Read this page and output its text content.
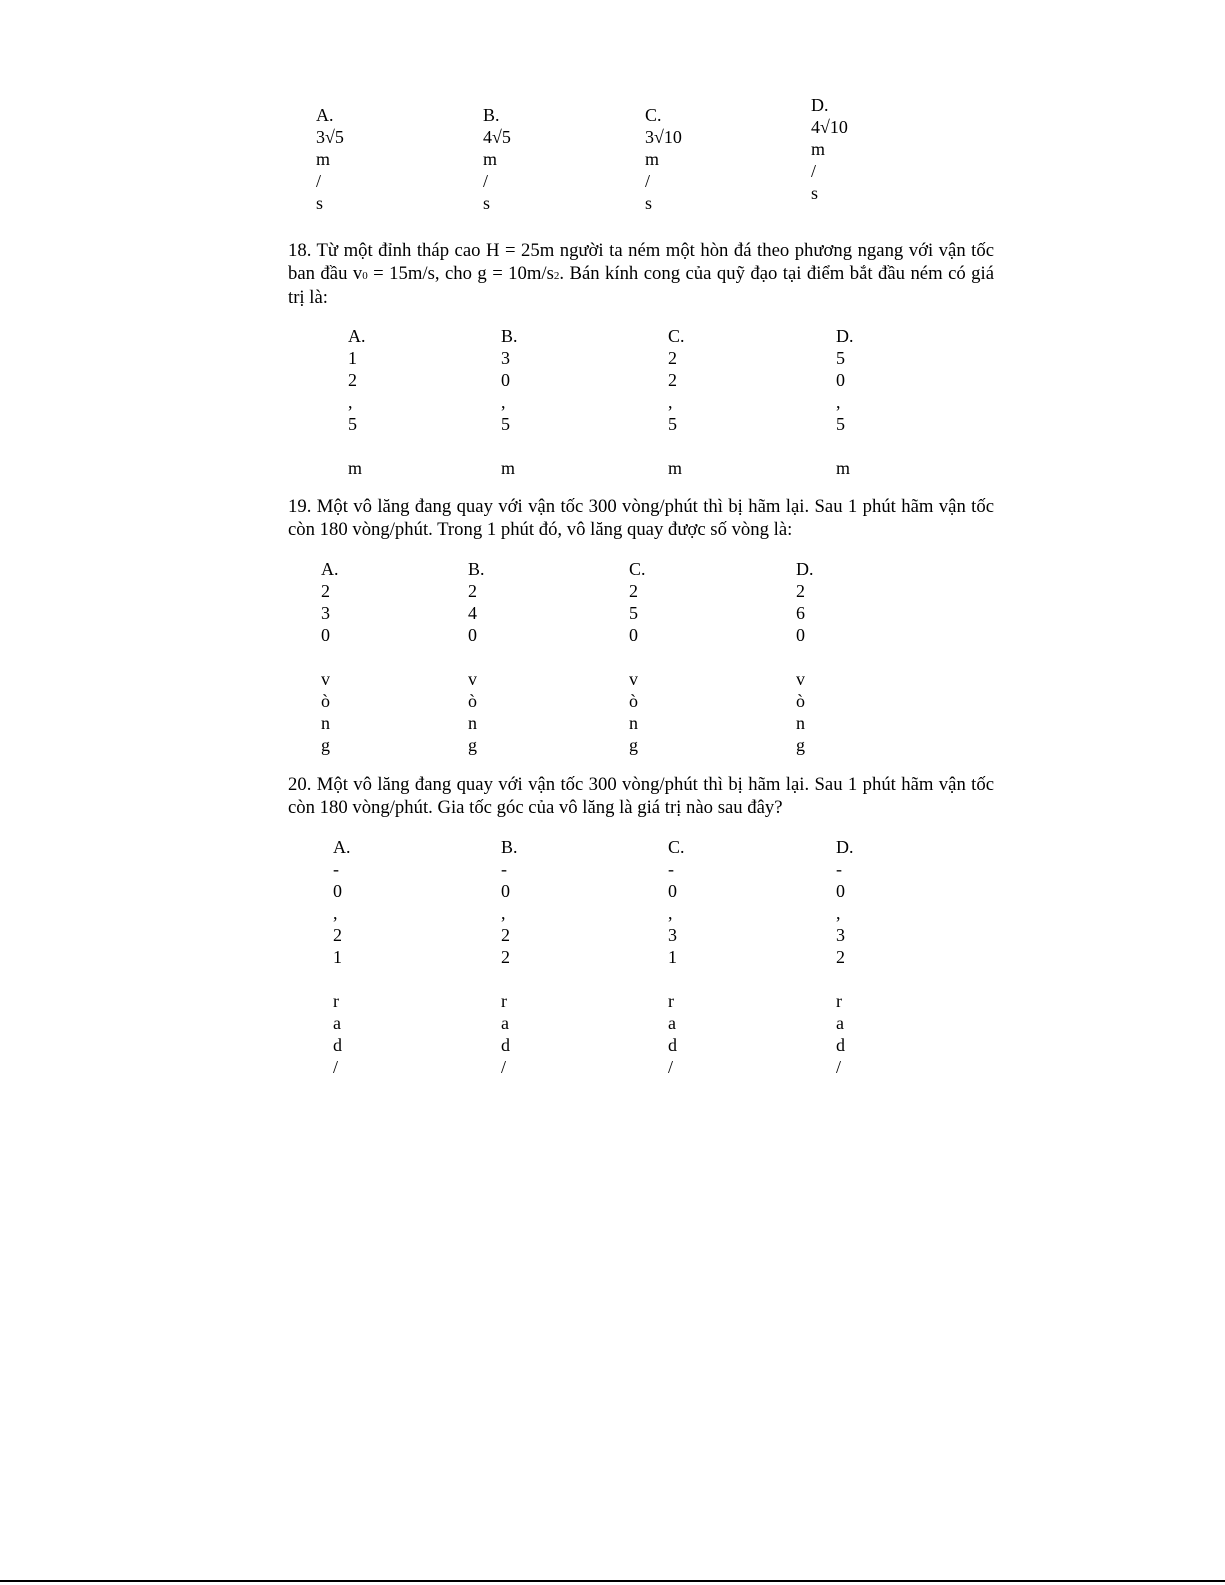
A.
3√5
m
/
s
B.
4√5
m
/
s
C.
3√10
m
/
s
D.
4√10
m
/
s
18. Từ một đỉnh tháp cao H = 25m người ta ném một hòn đá theo phương ngang với vận tốc ban đầu v0 = 15m/s, cho g = 10m/s2. Bán kính cong của quỹ đạo tại điểm bắt đầu ném có giá trị là:
A.
1
2
,
5
m
B.
3
0
,
5
m
C.
2
2
,
5
m
D.
5
0
,
5
m
19. Một vô lăng đang quay với vận tốc 300 vòng/phút thì bị hãm lại. Sau 1 phút hãm vận tốc còn 180 vòng/phút. Trong 1 phút đó, vô lăng quay được số vòng là:
A.
2
3
0
v
ò
n
g
B.
2
4
0
v
ò
n
g
C.
2
5
0
v
ò
n
g
D.
2
6
0
v
ò
n
g
20. Một vô lăng đang quay với vận tốc 300 vòng/phút thì bị hãm lại. Sau 1 phút hãm vận tốc còn 180 vòng/phút. Gia tốc góc của vô lăng là giá trị nào sau đây?
A.
-
0
,
2
1
r
a
d
/
B.
-
0
,
2
2
r
a
d
/
C.
-
0
,
3
1
r
a
d
/
D.
-
0
,
3
2
r
a
d
/
